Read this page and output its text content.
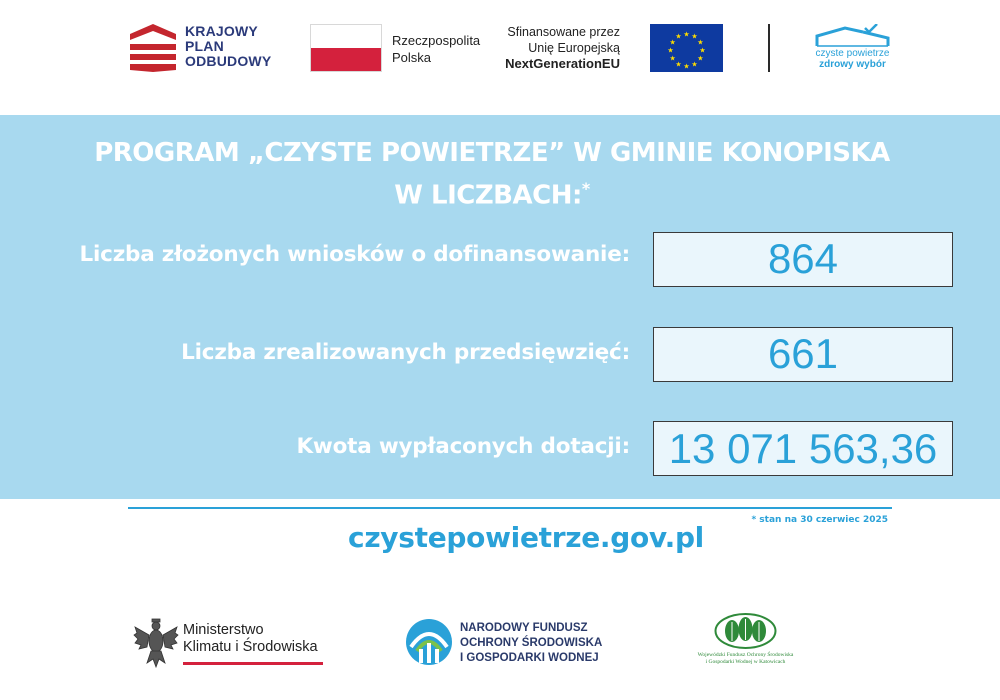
KRAJOWY
PLAN
ODBUDOWY
Rzeczpospolita
Polska
Sfinansowane przez
Unię Europejską
NextGenerationEU
★ ★
★
★
★
★
★
★
★
★
★
★
czyste powietrze
zdrowy wybór
PROGRAM „CZYSTE POWIETRZE” W GMINIE KONOPISKA
W LICZBACH:*
Liczba złożonych wniosków o dofinansowanie:	864
Liczba zrealizowanych przedsięwzięć:	661
Kwota wypłaconych dotacji: 13 071 563,36
* stan na 30 czerwiec 2025
czystepowietrze.gov.pl
Ministerstwo
Klimatu i Środowiska
NARODOWY FUNDUSZ
OCHRONY ŚRODOWISKA
I GOSPODARKI WODNEJ	Wojewódzki Fundusz Ochrony Środowiska
i Gospodarki Wodnej w Katowicach
